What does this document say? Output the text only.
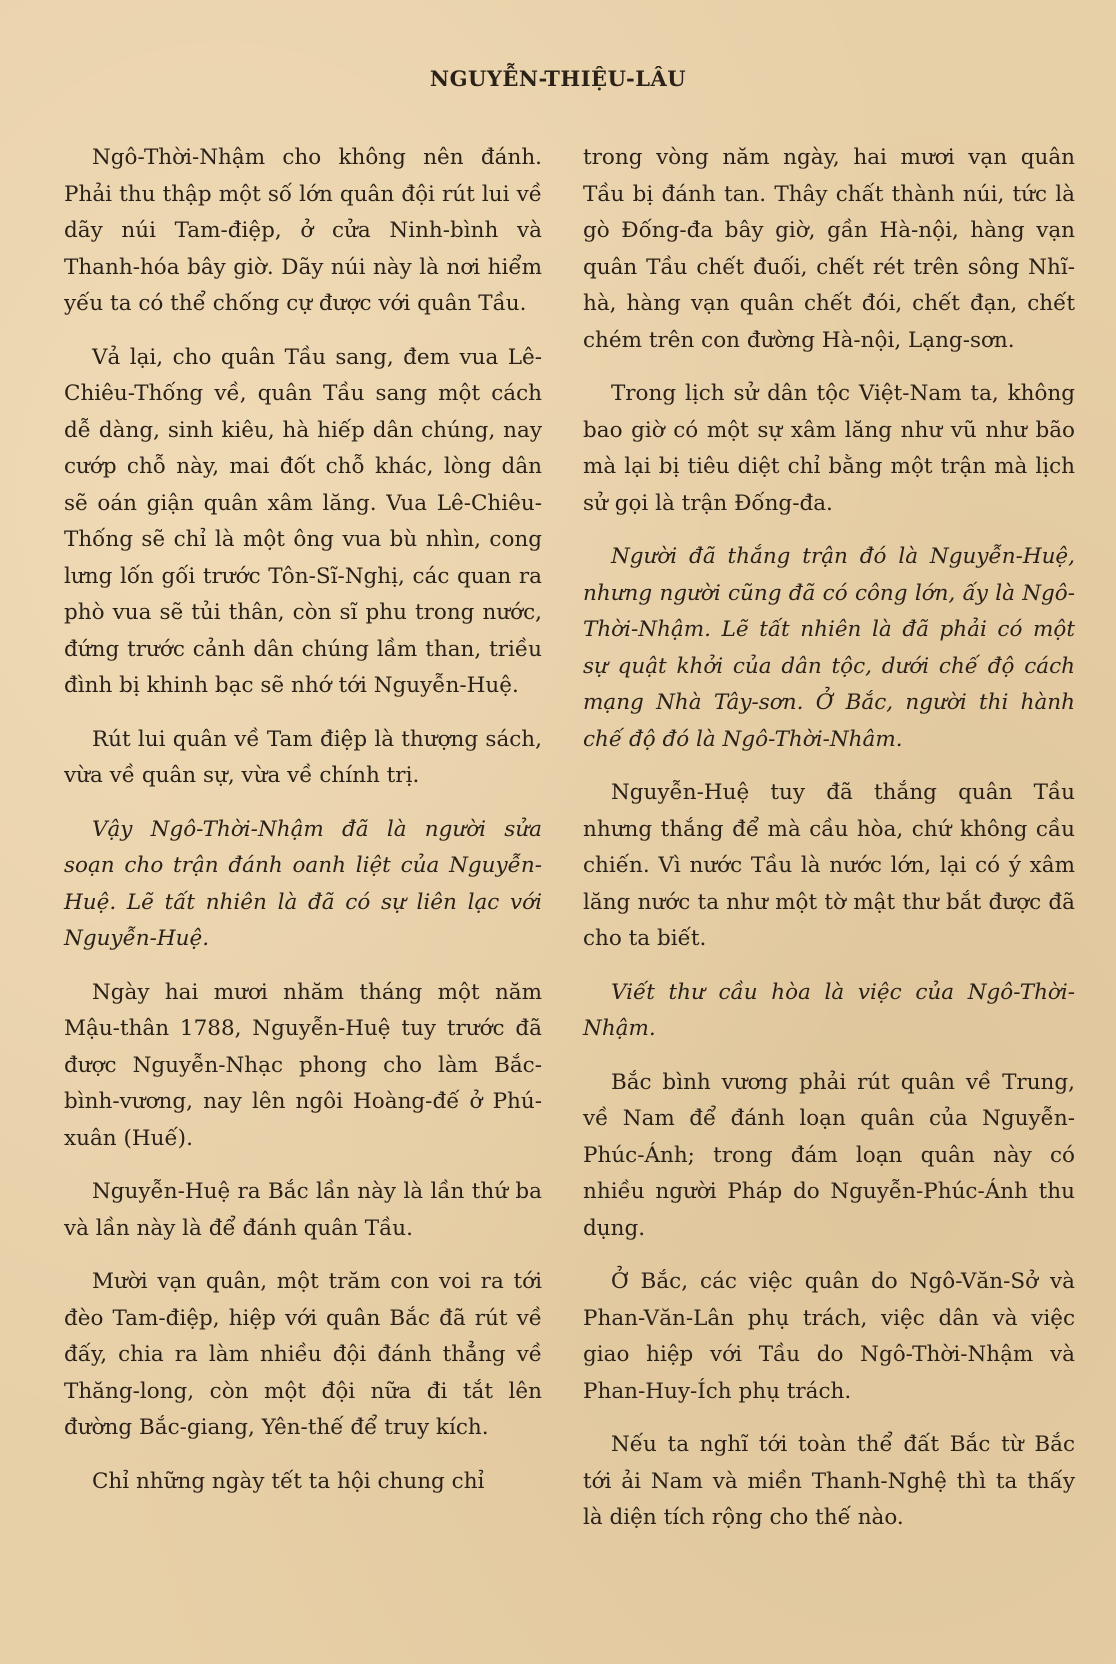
NGUYỄN-THIỆU-LÂU

Ngô-Thời-Nhậm cho không nên đánh. Phải thu thập một số lớn quân đội rút lui về dãy núi Tam-điệp, ở cửa Ninh-bình và Thanh-hóa bây giờ. Dãy núi này là nơi hiểm yếu ta có thể chống cự được với quân Tầu.

Vả lại, cho quân Tầu sang, đem vua Lê-Chiêu-Thống về, quân Tầu sang một cách dễ dàng, sinh kiêu, hà hiếp dân chúng, nay cướp chỗ này, mai đốt chỗ khác, lòng dân sẽ oán giận quân xâm lăng. Vua Lê-Chiêu-Thống sẽ chỉ là một ông vua bù nhìn, cong lưng lốn gối trước Tôn-Sĩ-Nghị, các quan ra phò vua sẽ tủi thân, còn sĩ phu trong nước, đứng trước cảnh dân chúng lầm than, triều đình bị khinh bạc sẽ nhớ tới Nguyễn-Huệ.

Rút lui quân về Tam điệp là thượng sách, vừa về quân sự, vừa về chính trị.

Vậy Ngô-Thời-Nhậm đã là người sửa soạn cho trận đánh oanh liệt của Nguyễn-Huệ. Lẽ tất nhiên là đã có sự liên lạc với Nguyễn-Huệ.

Ngày hai mươi nhăm tháng một năm Mậu-thân 1788, Nguyễn-Huệ tuy trước đã được Nguyễn-Nhạc phong cho làm Bắc-bình-vương, nay lên ngôi Hoàng-đế ở Phú-xuân (Huế).

Nguyễn-Huệ ra Bắc lần này là lần thứ ba và lần này là để đánh quân Tầu.

Mười vạn quân, một trăm con voi ra tới đèo Tam-điệp, hiệp với quân Bắc đã rút về đấy, chia ra làm nhiều đội đánh thẳng về Thăng-long, còn một đội nữa đi tắt lên đường Bắc-giang, Yên-thế để truy kích.

Chỉ những ngày tết ta hội chung chỉ

trong vòng năm ngày, hai mươi vạn quân Tầu bị đánh tan. Thây chất thành núi, tức là gò Đống-đa bây giờ, gần Hà-nội, hàng vạn quân Tầu chết đuối, chết rét trên sông Nhĩ-hà, hàng vạn quân chết đói, chết đạn, chết chém trên con đường Hà-nội, Lạng-sơn.

Trong lịch sử dân tộc Việt-Nam ta, không bao giờ có một sự xâm lăng như vũ như bão mà lại bị tiêu diệt chỉ bằng một trận mà lịch sử gọi là trận Đống-đa.

Người đã thắng trận đó là Nguyễn-Huệ, nhưng người cũng đã có công lớn, ấy là Ngô-Thời-Nhậm. Lẽ tất nhiên là đã phải có một sự quật khởi của dân tộc, dưới chế độ cách mạng Nhà Tây-sơn. Ở Bắc, người thi hành chế độ đó là Ngô-Thời-Nhâm.

Nguyễn-Huệ tuy đã thắng quân Tầu nhưng thắng để mà cầu hòa, chứ không cầu chiến. Vì nước Tầu là nước lớn, lại có ý xâm lăng nước ta như một tờ mật thư bắt được đã cho ta biết.

Viết thư cầu hòa là việc của Ngô-Thời-Nhậm.

Bắc bình vương phải rút quân về Trung, về Nam để đánh loạn quân của Nguyễn-Phúc-Ánh; trong đám loạn quân này có nhiều người Pháp do Nguyễn-Phúc-Ánh thu dụng.

Ở Bắc, các việc quân do Ngô-Văn-Sở và Phan-Văn-Lân phụ trách, việc dân và việc giao hiệp với Tầu do Ngô-Thời-Nhậm và Phan-Huy-Ích phụ trách.

Nếu ta nghĩ tới toàn thể đất Bắc từ Bắc tới ải Nam và miền Thanh-Nghệ thì ta thấy là diện tích rộng cho thế nào.
